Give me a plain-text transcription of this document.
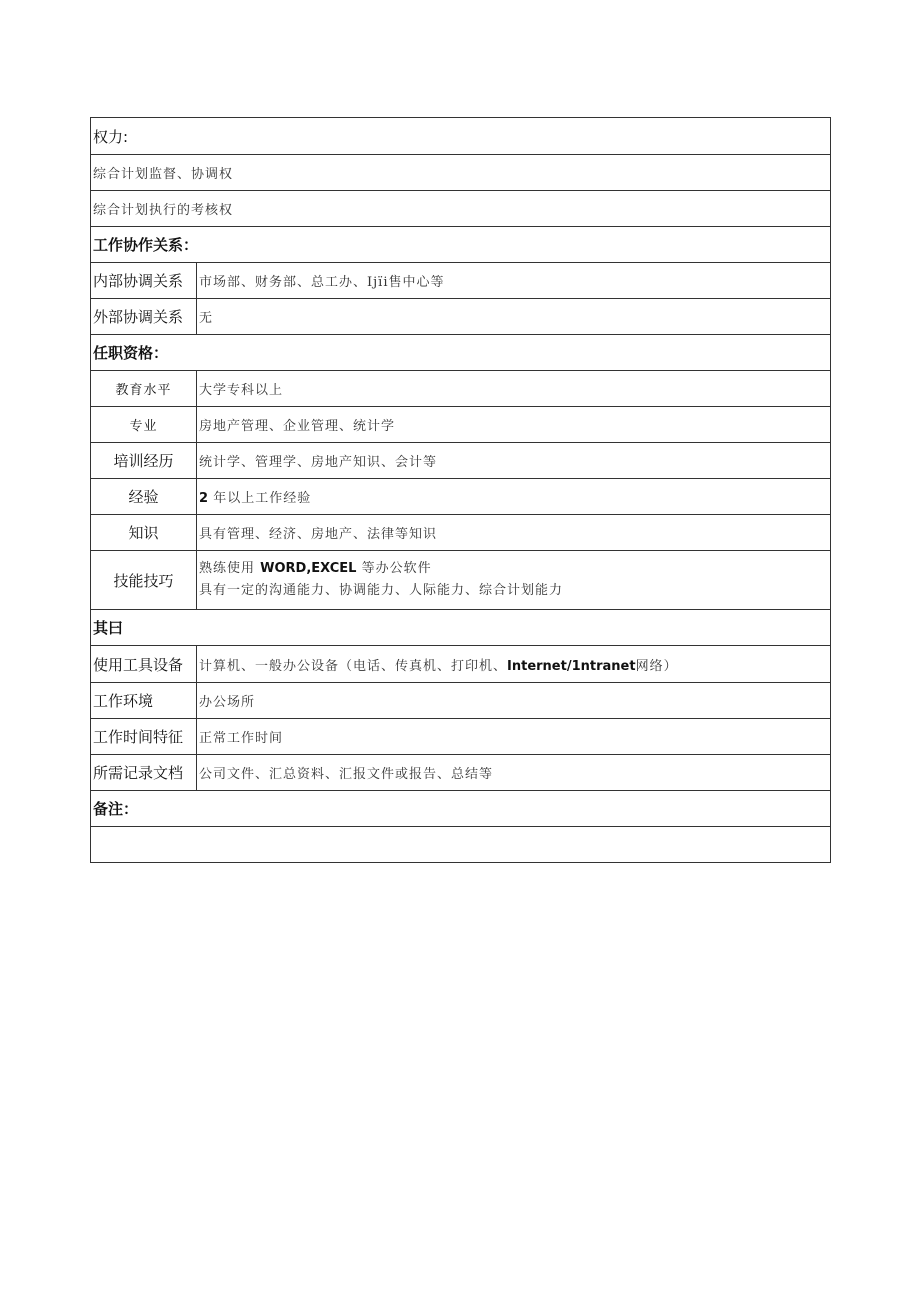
权力:	
综合计划监督、协调权	
综合计划执行的考核权	
工作协作关系：	
内部协调关系	市场部、财务部、总工办、Ijïi售中心等
外部协调关系	无
任职资格：	
教育水平	大学专科以上
专业	房地产管理、企业管理、统计学
培训经历	统计学、管理学、房地产知识、会计等
经验	2 年以上工作经验
知识	具有管理、经济、房地产、法律等知识
技能技巧	熟练使用 WORD,EXCEL 等办公软件
具有一定的沟通能力、协调能力、人际能力、综合计划能力

其曰	
使用工具设备	计算机、一般办公设备（电话、传真机、打印机、Internet/1ntranet网络）
工作环境	办公场所
工作时间特征	正常工作时间
所需记录文档	公司文件、汇总资料、汇报文件或报告、总结等
备注：	
